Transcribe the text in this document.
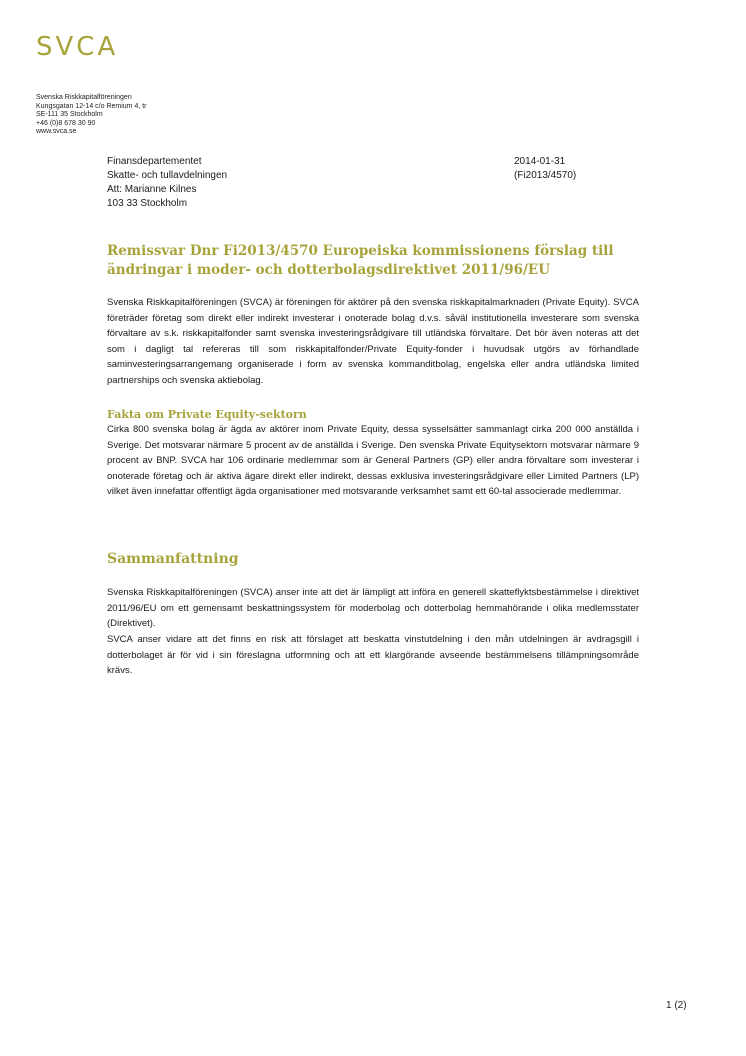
SVCA
Svenska Riskkapitalföreningen
Kungsgatan 12-14 c/o Remium 4, tr
SE-111 35 Stockholm
+46 (0)8 678 30 90
www.svca.se
Finansdepartementet
Skatte- och tullavdelningen
Att: Marianne Kilnes
103 33 Stockholm
2014-01-31
(Fi2013/4570)
Remissvar Dnr Fi2013/4570 Europeiska kommissionens förslag till
ändringar i moder- och dotterbolagsdirektivet 2011/96/EU

Svenska Riskkapitalföreningen (SVCA) är föreningen för aktörer på den svenska riskkapitalmarknaden (Private Equity). SVCA företräder företag som direkt eller indirekt investerar i onoterade bolag d.v.s. såväl institutionella investerare som svenska förvaltare av s.k. riskkapitalfonder samt svenska investeringsrådgivare till utländska förvaltare. Det bör även noteras att det som i dagligt tal refereras till som riskkapitalfonder/Private Equity-fonder i huvudsak utgörs av förhandlade saminvesteringsarrangemang organiserade i form av svenska kommanditbolag, engelska eller andra utländska limited partnerships och svenska aktiebolag.

Fakta om Private Equity-sektorn

Cirka 800 svenska bolag är ägda av aktörer inom Private Equity, dessa sysselsätter sammanlagt cirka 200 000 anställda i Sverige. Det motsvarar närmare 5 procent av de anställda i Sverige. Den svenska Private Equitysektorn motsvarar närmare 9 procent av BNP. SVCA har 106 ordinarie medlemmar som är General Partners (GP) eller andra förvaltare som investerar i onoterade företag och är aktiva ägare direkt eller indirekt, dessas exklusiva investeringsrådgivare eller Limited Partners (LP) vilket även innefattar offentligt ägda organisationer med motsvarande verksamhet samt ett 60-tal associerade medlemmar.

Sammanfattning

Svenska Riskkapitalföreningen (SVCA) anser inte att det är lämpligt att införa en generell skatteflyktsbestämmelse i direktivet 2011/96/EU om ett gemensamt beskattningssystem för moderbolag och dotterbolag hemmahörande i olika medlemsstater (Direktivet).

SVCA anser vidare att det finns en risk att förslaget att beskatta vinstutdelning i den mån utdelningen är avdragsgill i dotterbolaget är för vid i sin föreslagna utformning och att ett klargörande avseende bestämmelsens tillämpningsområde krävs.

1 (2)
